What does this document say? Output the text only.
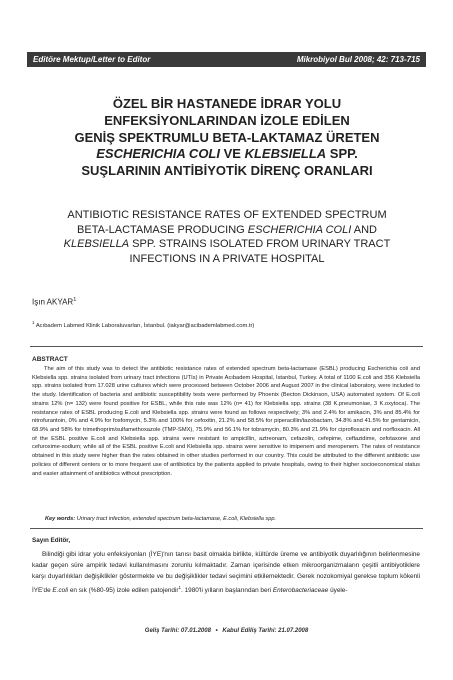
Editöre Mektup/Letter to Editor	Mikrobiyol Bul 2008; 42: 713-715
ÖZEL BİR HASTANEDE İDRAR YOLU
ENFEKSİYONLARINDAN İZOLE EDİLEN
GENİŞ SPEKTRUMLU BETA-LAKTAMAZ ÜRETEN
ESCHERICHIA COLI VE KLEBSIELLA SPP.
SUŞLARININ ANTİBİYOTİK DİRENÇ ORANLARI
ANTIBIOTIC RESISTANCE RATES OF EXTENDED SPECTRUM
BETA-LACTAMASE PRODUCING ESCHERICHIA COLI AND
KLEBSIELLA SPP. STRAINS ISOLATED FROM URINARY TRACT
INFECTIONS IN A PRIVATE HOSPITAL
Işın AKYAR$^1$
$^1$ Acıbadem Labmed Klinik Laboratuvarları, İstanbul. (iakyar@acibademlabmed.com.tr)
ABSTRACT
The aim of this study was to detect the antibiotic resistance rates of extended spectrum beta-lactamase (ESBL) producing Escherichia coli and Klebsiella spp. strains isolated from urinary tract infections (UTIs) in Private Acıbadem Hospital, Istanbul, Turkey. A total of 1100 E.coli and 356 Klebsiella spp. strains isolated from 17.028 urine cultures which were processed between October 2006 and August 2007 in the clinical laboratory, were included to the study. Identification of bacteria and antibiotic susceptibility tests were performed by Phoenix (Becton Dickinson, USA) automated system. Of E.coli strains 12% (n= 132) were found positive for ESBL, while this rate was 12% (n= 41) for Klebsiella spp. strains (38 K.pneumoniae, 3 K.oxytoca). The resistance rates of ESBL producing E.coli and Klebsiella spp. strains were found as follows respectively; 3% and 2.4% for amikacin, 3% and 85.4% for nitrofurantoin, 0% and 4.9% for fosfomycin, 5.3% and 100% for cefoxitin, 21.2% and 58.5% for piperacillin/tazobactam, 34.8% and 41.5% for gentamicin, 68.9% and 58% for trimethoprim/sulfamethoxazole (TMP-SMX), 75.9% and 56.1% for tobramycin, 80.3% and 21.9% for ciprofloxacin and norfloxacin. All of the ESBL positive E.coli and Klebsiella spp. strains were resistant to ampicillin, aztreonam, cefazolin, cefepime, ceftazidime, cefotaxone and cefuroxime-sodium; while all of the ESBL positive E.coli and Klebsiella spp. strains were sensitive to imipenem and meropenem. The rates of resistance obtained in this study were higher than the rates obtained in other studies performed in our country. This could be attributed to the different antibiotic use policies of different centers or to more frequent use of antibiotics by the patients applied to private hospitals, owing to their higher socioeconomical status and easier attainment of antibiotics without prescription.
Key words: Urinary tract infection, extended spectrum beta-lactamase, E.coli, Klebsiella spp.
Sayın Editör,
Bilindiği gibi idrar yolu enfeksiyonları (İYE)'nın tanısı basit olmakla birlikte, kültürde üreme ve antibiyotik duyarlılığının belirlenmesine kadar geçen süre ampirik tedavi kullanılmasını zorunlu kılmaktadır. Zaman içerisinde etken mikroorganizmaların çeşitli antibiyotiklere karşı duyarlılıkları değişiklikler göstermekte ve bu değişiklikler tedavi seçimini etkilemektedir. Gerek nozokomiyal gerekse toplum kökenli İYE'de E.coli en sık (%80-95) izole edilen patojendir$^1$. 1980'li yılların başlarından beri Enterobacteriaceae üyele-
Geliş Tarihi: 07.01.2008 • Kabul Ediliş Tarihi: 21.07.2008
